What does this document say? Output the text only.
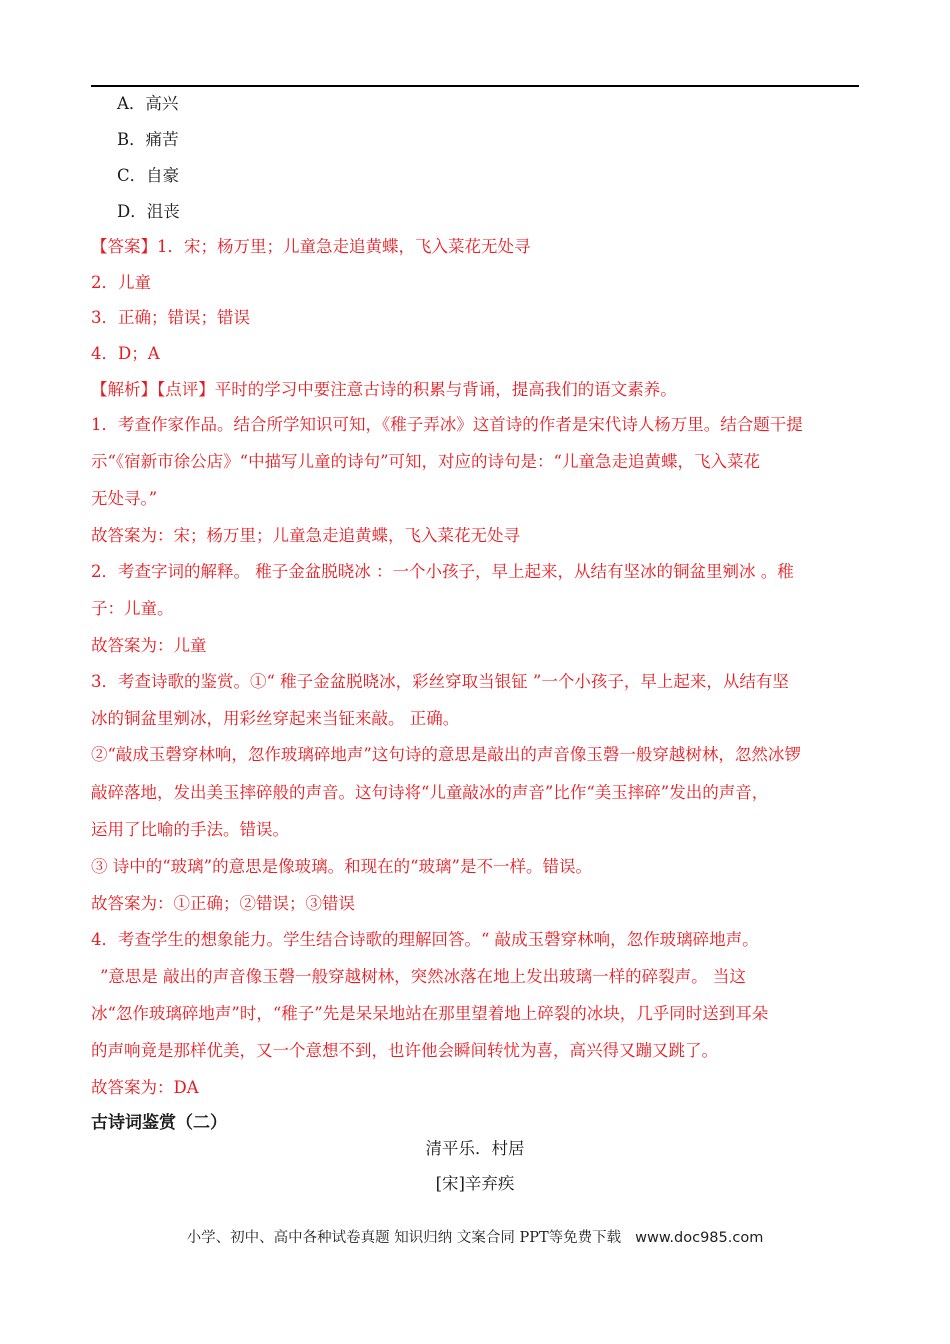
A．高兴
B．痛苦
C．自豪
D．沮丧
【答案】1．宋；杨万里；儿童急走追黄蝶，飞入菜花无处寻
2．儿童
3．正确；错误；错误
4．D；A
【解析】【点评】平时的学习中要注意古诗的积累与背诵，提高我们的语文素养。
1．考查作家作品。结合所学知识可知，《稚子弄冰》这首诗的作者是宋代诗人杨万里。结合题干提
示“《宿新市徐公店》“中描写儿童的诗句”可知，对应的诗句是：“儿童急走追黄蝶，飞入菜花
无处寻。”
故答案为：宋；杨万里；儿童急走追黄蝶，飞入菜花无处寻
2．考查字词的解释。 稚子金盆脱晓冰 ：一个小孩子，早上起来，从结有坚冰的铜盆里剜冰 。稚
子：儿童。
故答案为：儿童
3．考查诗歌的鉴赏。①“ 稚子金盆脱晓冰，彩丝穿取当银钲 ”一个小孩子，早上起来，从结有坚
冰的铜盆里剜冰，用彩丝穿起来当钲来敲。 正确。
②“敲成玉磬穿林响，忽作玻璃碎地声”这句诗的意思是敲出的声音像玉磬一般穿越树林，忽然冰锣
敲碎落地，发出美玉摔碎般的声音。这句诗将“儿童敲冰的声音”比作“美玉摔碎”发出的声音，
运用了比喻的手法。错误。
③ 诗中的“玻璃”的意思是像玻璃。和现在的“玻璃”是不一样。错误。
故答案为：①正确；②错误；③错误
4．考查学生的想象能力。学生结合诗歌的理解回答。“ 敲成玉磬穿林响，忽作玻璃碎地声。
”意思是 敲出的声音像玉磬一般穿越树林，突然冰落在地上发出玻璃一样的碎裂声。 当这
冰“忽作玻璃碎地声”时，“稚子”先是呆呆地站在那里望着地上碎裂的冰块，几乎同时送到耳朵
的声响竟是那样优美，又一个意想不到，也许他会瞬间转忧为喜，高兴得又蹦又跳了。
故答案为：DA
古诗词鉴赏（二）
清平乐．村居
[宋]辛弃疾
小学、初中、高中各种试卷真题 知识归纳 文案合同 PPT等免费下载 www.doc985.com
